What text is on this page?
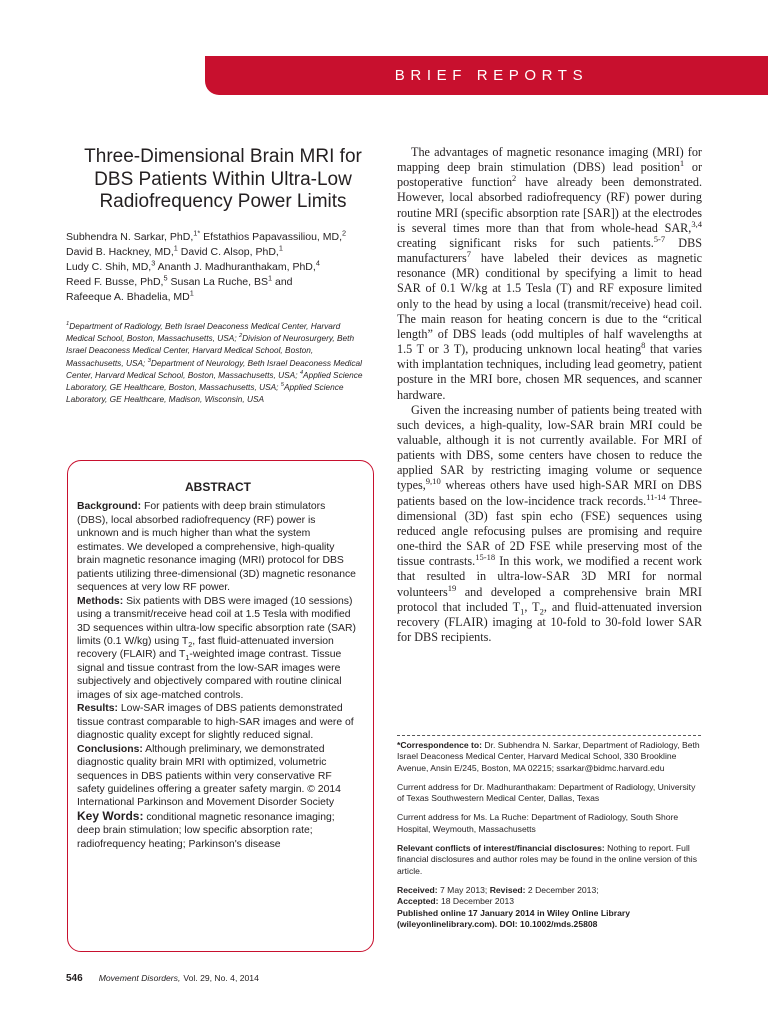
BRIEF REPORTS
Three-Dimensional Brain MRI for DBS Patients Within Ultra-Low Radiofrequency Power Limits
Subhendra N. Sarkar, PhD,$^{1*}$ Efstathios Papavassiliou, MD,$^2$
David B. Hackney, MD,$^1$ David C. Alsop, PhD,$^1$
Ludy C. Shih, MD,$^3$ Ananth J. Madhuranthakam, PhD,$^4$
Reed F. Busse, PhD,$^5$ Susan La Ruche, $BS^1$ and
Rafeeque A. Bhadelia, $MD^1$
$^1$Department of Radiology, Beth Israel Deaconess Medical Center, Harvard Medical School, Boston, Massachusetts, USA; $^2$Division of Neurosurgery, Beth Israel Deaconess Medical Center, Harvard Medical School, Boston, Massachusetts, USA; $^3$Department of Neurology, Beth Israel Deaconess Medical Center, Harvard Medical School, Boston, Massachusetts, USA; $^4$Applied Science Laboratory, GE Healthcare, Boston, Massachusetts, USA; $^5$Applied Science Laboratory, GE Healthcare, Madison, Wisconsin, USA
ABSTRACT

Background: For patients with deep brain stimulators (DBS), local absorbed radiofrequency (RF) power is unknown and is much higher than what the system estimates. We developed a comprehensive, high-quality brain magnetic resonance imaging (MRI) protocol for DBS patients utilizing three-dimensional (3D) magnetic resonance sequences at very low RF power.

Methods: Six patients with DBS were imaged (10 sessions) using a transmit/receive head coil at 1.5 Tesla with modified 3D sequences within ultra-low specific absorption rate (SAR) limits (0.1 W/kg) using $T_2$, fast fluid-attenuated inversion recovery (FLAIR) and $T_1$-weighted image contrast. Tissue signal and tissue contrast from the low-SAR images were subjectively and objectively compared with routine clinical images of six age-matched controls.

Results: Low-SAR images of DBS patients demonstrated tissue contrast comparable to high-SAR images and were of diagnostic quality except for slightly reduced signal.

Conclusions: Although preliminary, we demonstrated diagnostic quality brain MRI with optimized, volumetric sequences in DBS patients within very conservative RF safety guidelines offering a greater safety margin. © 2014 International Parkinson and Movement Disorder Society

Key Words: conditional magnetic resonance imaging; deep brain stimulation; low specific absorption rate; radiofrequency heating; Parkinson's disease

The advantages of magnetic resonance imaging (MRI) for mapping deep brain stimulation (DBS) lead position$^1$ or postoperative function$^2$ have already been demonstrated. However, local absorbed radiofrequency (RF) power during routine MRI (specific absorption rate [SAR]) at the electrodes is several times more than that from whole-head SAR,$^{3,4}$ creating significant risks for such patients.$^{5-7}$ DBS manufacturers$^7$ have labeled their devices as magnetic resonance (MR) conditional by specifying a limit to head SAR of 0.1 W/kg at 1.5 Tesla (T) and RF exposure limited only to the head by using a local (transmit/receive) head coil. The main reason for heating concern is due to the “critical length” of DBS leads (odd multiples of half wavelengths at 1.5 T or 3 T), producing unknown local heating$^8$ that varies with implantation techniques, including lead geometry, patient posture in the MRI bore, chosen MR sequences, and scanner hardware.

Given the increasing number of patients being treated with such devices, a high-quality, low-SAR brain MRI could be valuable, although it is not currently available. For MRI of patients with DBS, some centers have chosen to reduce the applied SAR by restricting imaging volume or sequence types,$^{9,10}$ whereas others have used high-SAR MRI on DBS patients based on the low-incidence track records.$^{11-14}$ Three-dimensional (3D) fast spin echo (FSE) sequences using reduced angle refocusing pulses are promising and require one-third the SAR of 2D FSE while preserving most of the tissue contrasts.$^{15-18}$ In this work, we modified a recent work that resulted in ultra-low-SAR 3D MRI for normal volunteers$^{19}$ and developed a comprehensive brain MRI protocol that included $T_1$, $T_2$, and fluid-attenuated inversion recovery (FLAIR) imaging at 10-fold to 30-fold lower SAR for DBS recipients.

*Correspondence to: Dr. Subhendra N. Sarkar, Department of Radiology, Beth Israel Deaconess Medical Center, Harvard Medical School, 330 Brookline Avenue, Ansin E/245, Boston, MA 02215; ssarkar@bidmc.harvard.edu

Current address for Dr. Madhuranthakam: Department of Radiology, University of Texas Southwestern Medical Center, Dallas, Texas

Current address for Ms. La Ruche: Department of Radiology, South Shore Hospital, Weymouth, Massachusetts

Relevant conflicts of interest/financial disclosures: Nothing to report. Full financial disclosures and author roles may be found in the online version of this article.

Received: 7 May 2013; Revised: 2 December 2013;
Accepted: 18 December 2013

Published online 17 January 2014 in Wiley Online Library (wileyonlinelibrary.com). DOI: 10.1002/mds.25808

546 Movement Disorders, Vol. 29, No. 4, 2014
